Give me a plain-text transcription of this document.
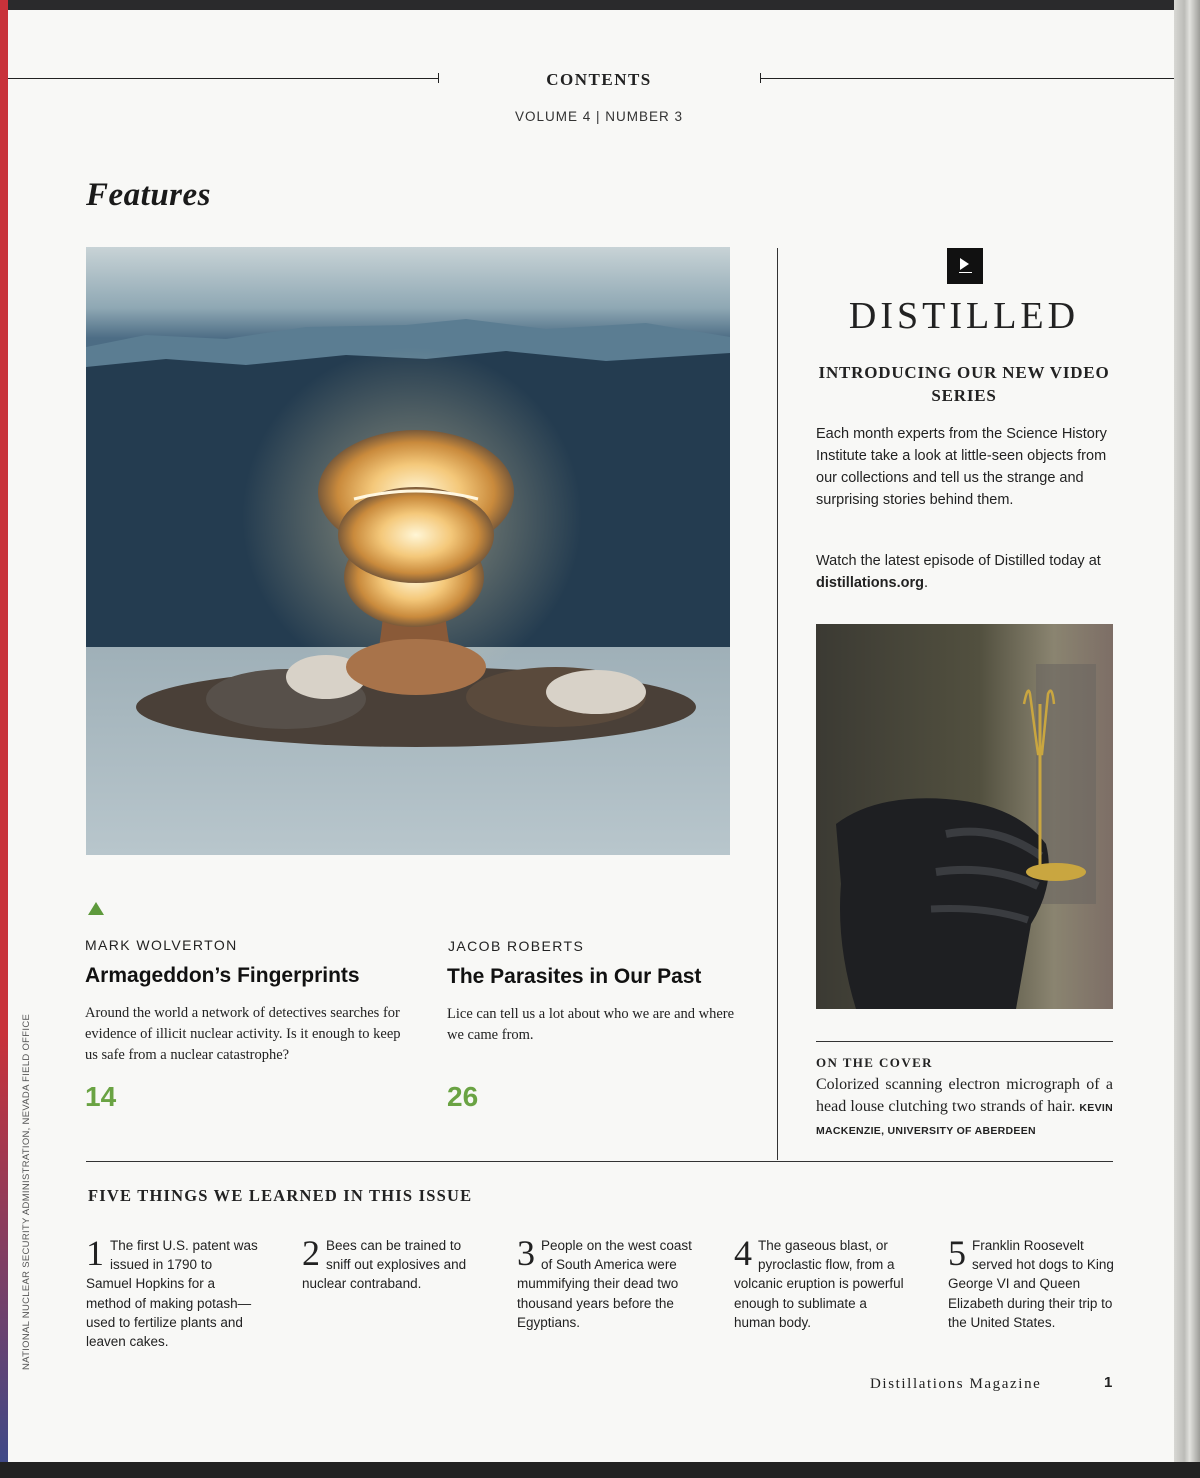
CONTENTS
VOLUME 4 | NUMBER 3
Features
MARK WOLVERTON
Armageddon’s Fingerprints
Around the world a network of detectives searches for evidence of illicit nuclear activity. Is it enough to keep us safe from a nuclear catastrophe?
14
JACOB ROBERTS
The Parasites in Our Past
Lice can tell us a lot about who we are and where we came from.
26
DISTILLED
INTRODUCING OUR NEW VIDEO SERIES
Each month experts from the Science History Institute take a look at little-seen objects from our collections and tell us the strange and surprising stories behind them.
Watch the latest episode of Distilled today at distillations.org.
ON THE COVER
Colorized scanning electron micrograph of a head louse clutching two strands of hair. KEVIN MACKENZIE, UNIVERSITY OF ABERDEEN
FIVE THINGS WE LEARNED IN THIS ISSUE
1 The first U.S. patent was issued in 1790 to Samuel Hopkins for a method of making potash—used to fertilize plants and leaven cakes.
2 Bees can be trained to sniff out explosives and nuclear contraband.
3 People on the west coast of South America were mummifying their dead two thousand years before the Egyptians.
4 The gaseous blast, or pyroclastic flow, from a volcanic eruption is powerful enough to sublimate a human body.
5 Franklin Roosevelt served hot dogs to King George VI and Queen Elizabeth during their trip to the United States.
NATIONAL NUCLEAR SECURITY ADMINISTRATION, NEVADA FIELD OFFICE
Distillations Magazine	1
